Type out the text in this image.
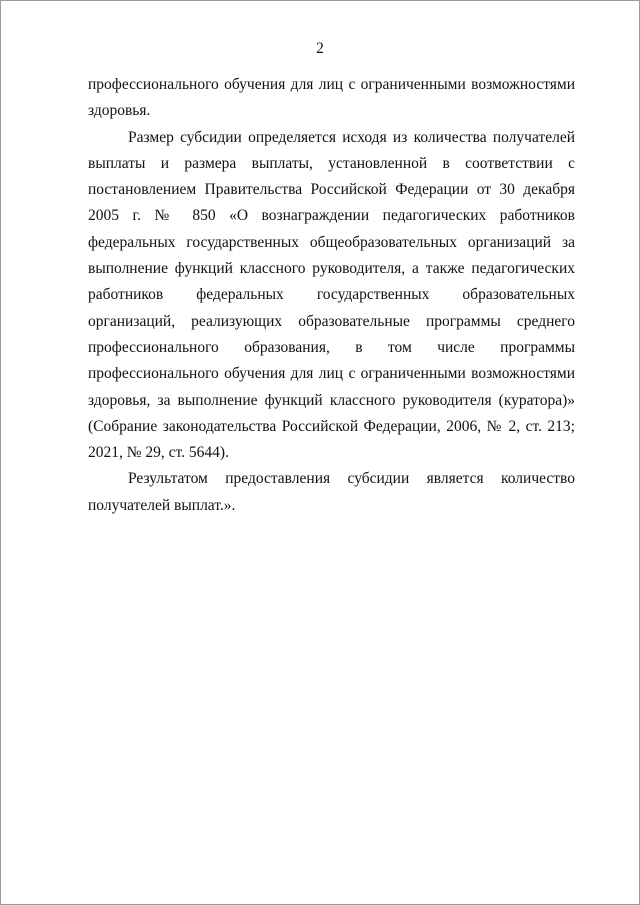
2

профессионального обучения для лиц с ограниченными возможностями здоровья.

Размер субсидии определяется исходя из количества получателей выплаты и размера выплаты, установленной в соответствии с постановлением Правительства Российской Федерации от 30 декабря 2005 г. № 850 «О вознаграждении педагогических работников федеральных государственных общеобразовательных организаций за выполнение функций классного руководителя, а также педагогических работников федеральных государственных образовательных организаций, реализующих образовательные программы среднего профессионального образования, в том числе программы профессионального обучения для лиц с ограниченными возможностями здоровья, за выполнение функций классного руководителя (куратора)» (Собрание законодательства Российской Федерации, 2006, № 2, ст. 213; 2021, № 29, ст. 5644).

Результатом предоставления субсидии является количество получателей выплат.».
